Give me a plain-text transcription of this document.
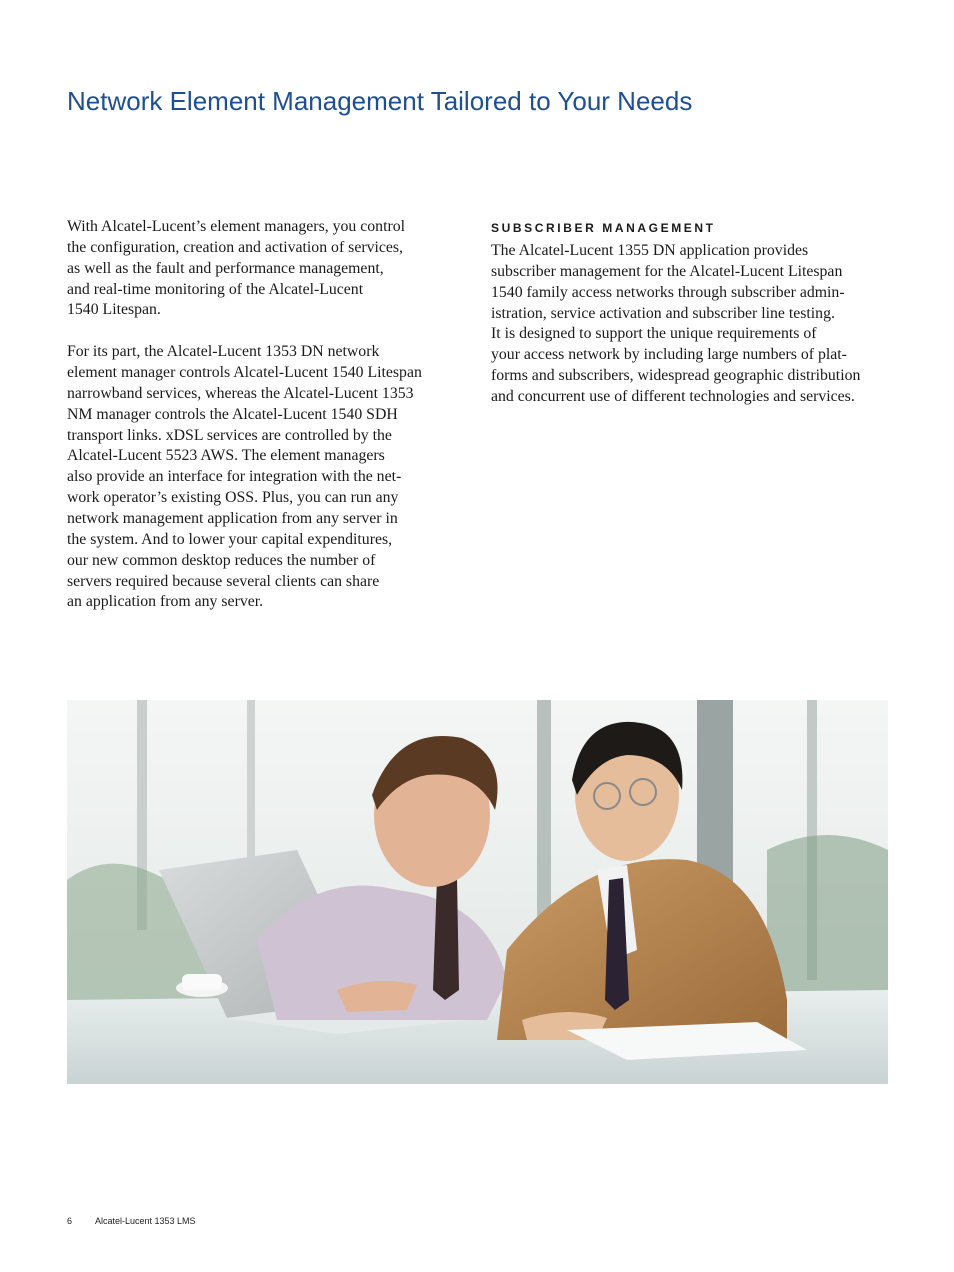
Network Element Management Tailored to Your Needs

With Alcatel-Lucent’s element managers, you control
the configuration, creation and activation of services,
as well as the fault and performance management,
and real-time monitoring of the Alcatel-Lucent
1540 Litespan.

For its part, the Alcatel-Lucent 1353 DN network
element manager controls Alcatel-Lucent 1540 Litespan
narrowband services, whereas the Alcatel-Lucent 1353
NM manager controls the Alcatel-Lucent 1540 SDH
transport links. xDSL services are controlled by the
Alcatel-Lucent 5523 AWS. The element managers
also provide an interface for integration with the net-
work operator’s existing OSS. Plus, you can run any
network management application from any server in
the system. And to lower your capital expenditures,
our new common desktop reduces the number of
servers required because several clients can share
an application from any server.

SUBSCRIBER MANAGEMENT

The Alcatel-Lucent 1355 DN application provides
subscriber management for the Alcatel-Lucent Litespan
1540 family access networks through subscriber admin-
istration, service activation and subscriber line testing.
It is designed to support the unique requirements of
your access network by including large numbers of plat-
forms and subscribers, widespread geographic distribution
and concurrent use of different technologies and services.

6	Alcatel-Lucent 1353 LMS
